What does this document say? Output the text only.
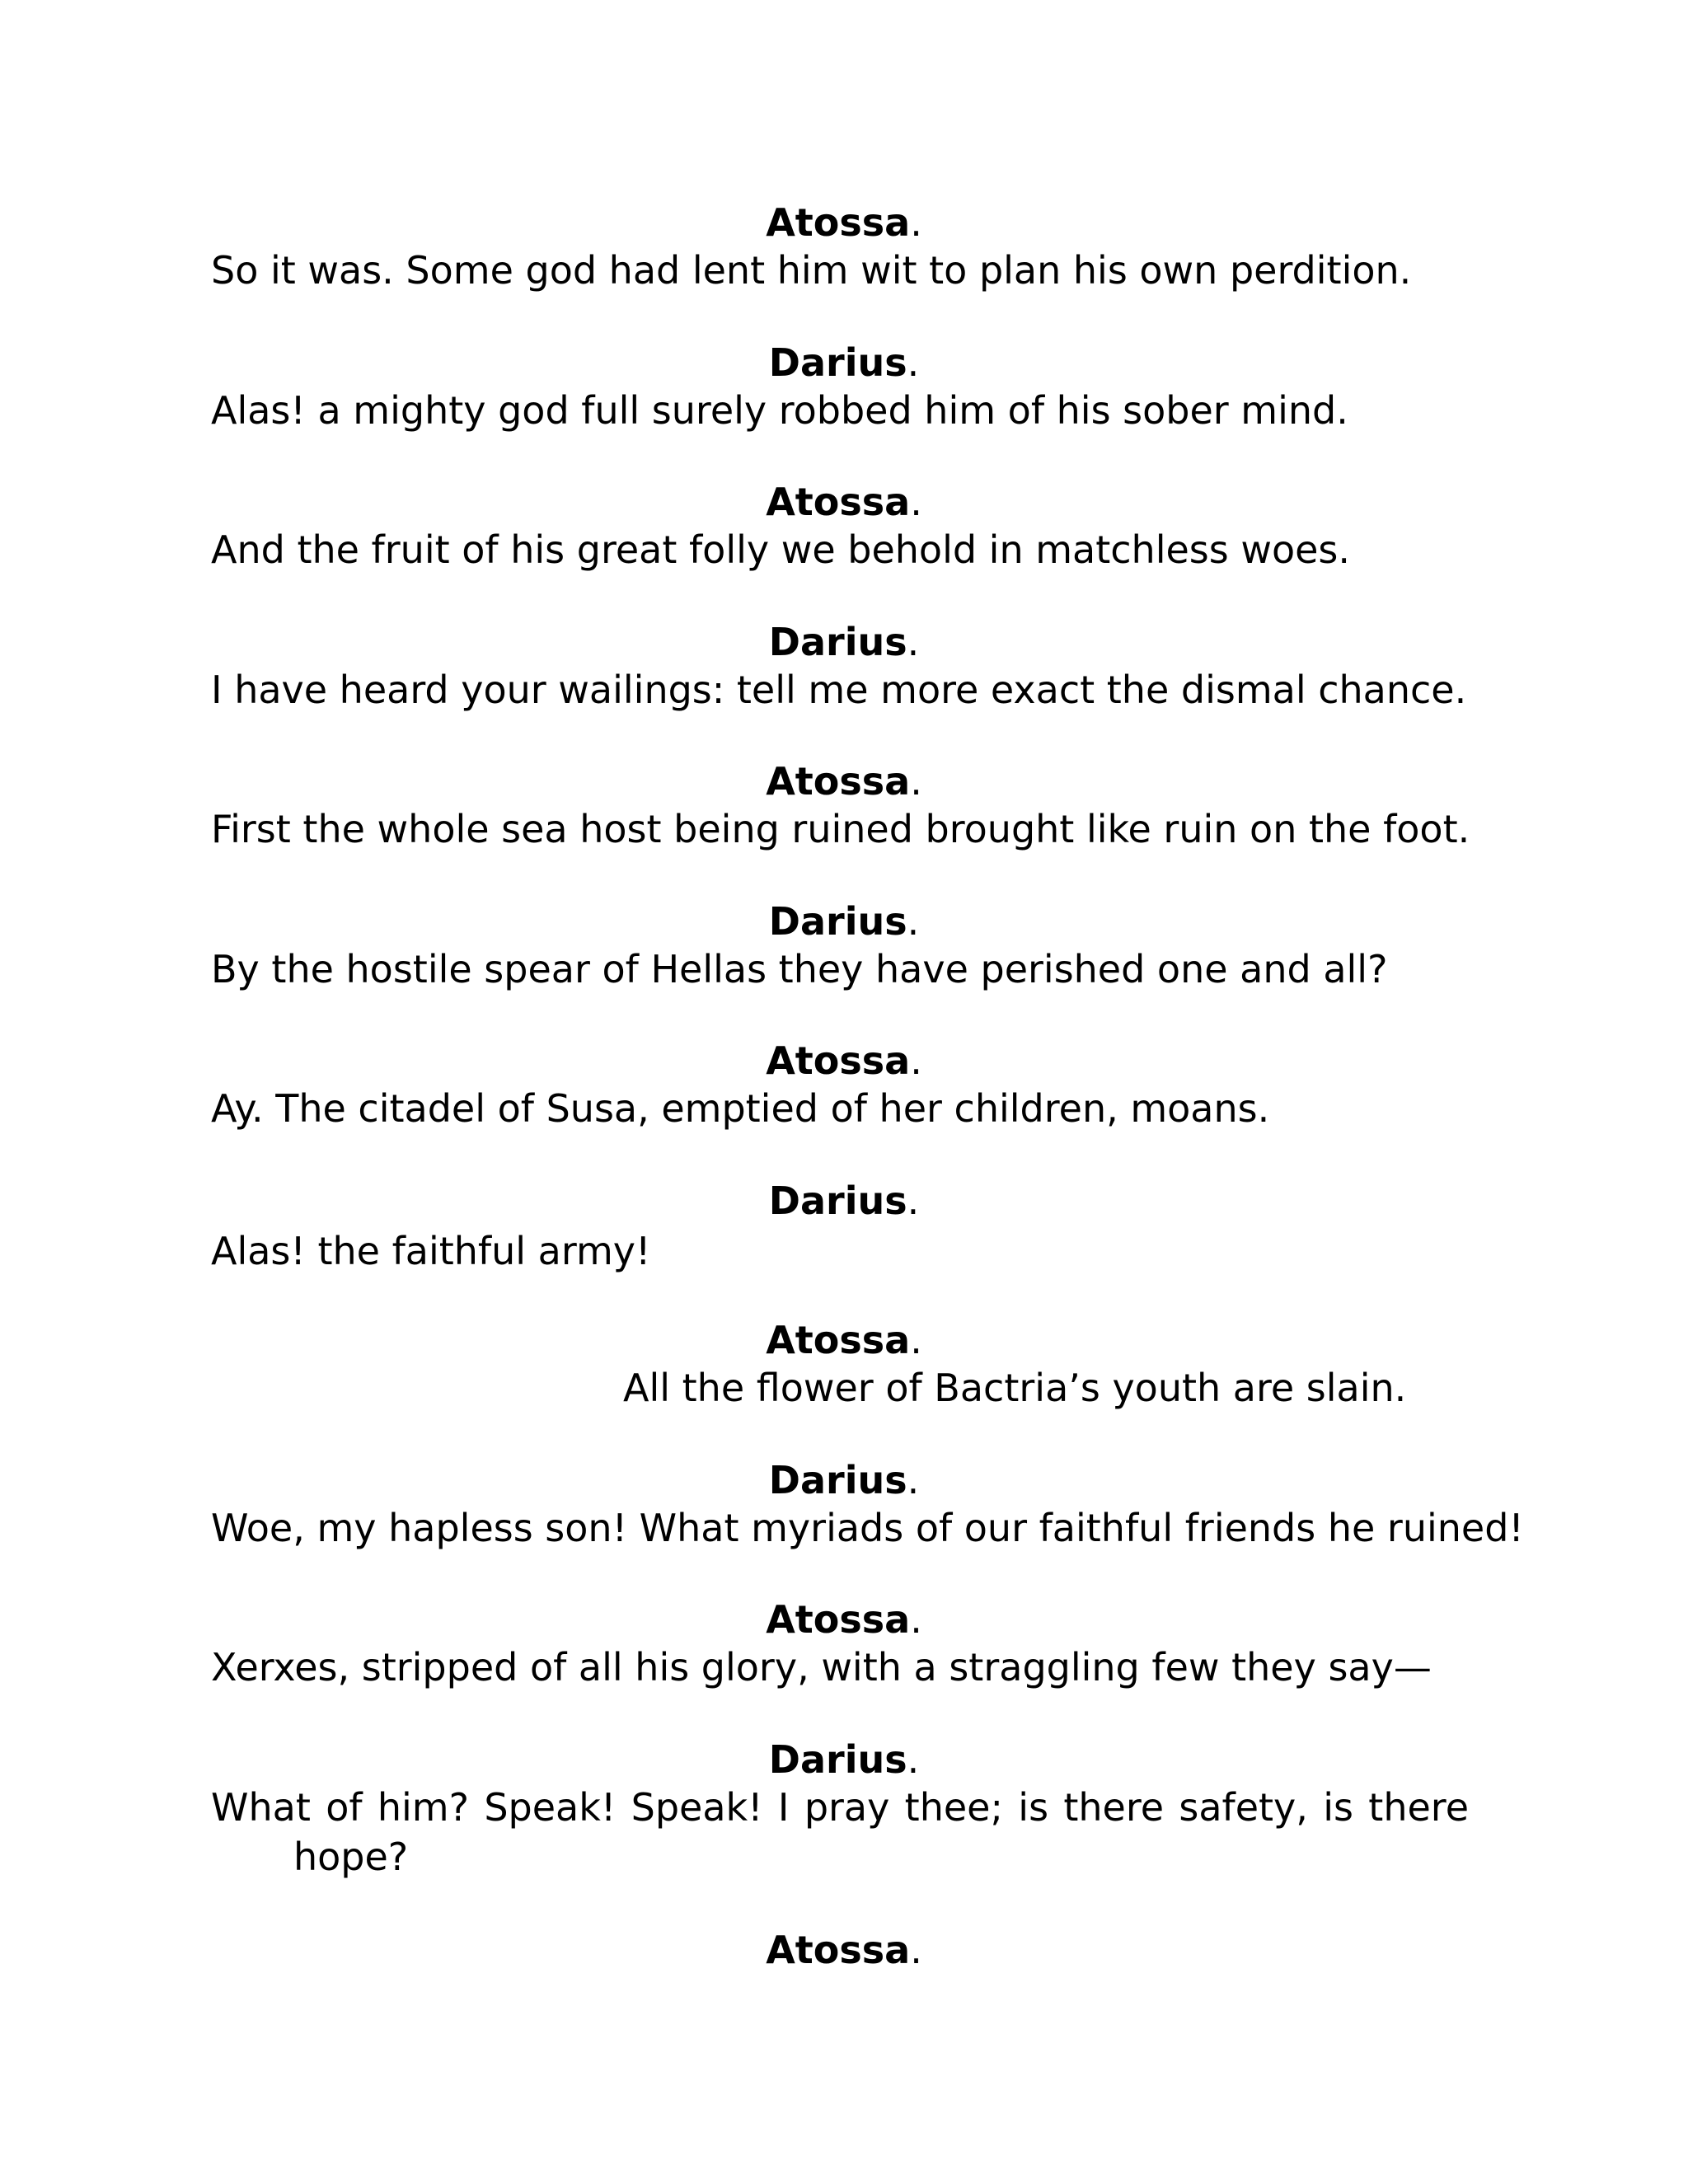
Atossa.
So it was. Some god had lent him wit to plan his own perdition.
Darius.
Alas! a mighty god full surely robbed him of his sober mind.
Atossa.
And the fruit of his great folly we behold in matchless woes.
Darius.
I have heard your wailings: tell me more exact the dismal chance.
Atossa.
First the whole sea host being ruined brought like ruin on the foot.
Darius.
By the hostile spear of Hellas they have perished one and all?
Atossa.
Ay. The citadel of Susa, emptied of her children, moans.
Darius.
Alas! the faithful army!
Atossa.
All the flower of Bactria’s youth are slain.
Darius.
Woe, my hapless son! What myriads of our faithful friends he ruined!
Atossa.
Xerxes, stripped of all his glory, with a straggling few they say—
Darius.
What of him? Speak! Speak! I pray thee; is there safety, is there
hope?
Atossa.
